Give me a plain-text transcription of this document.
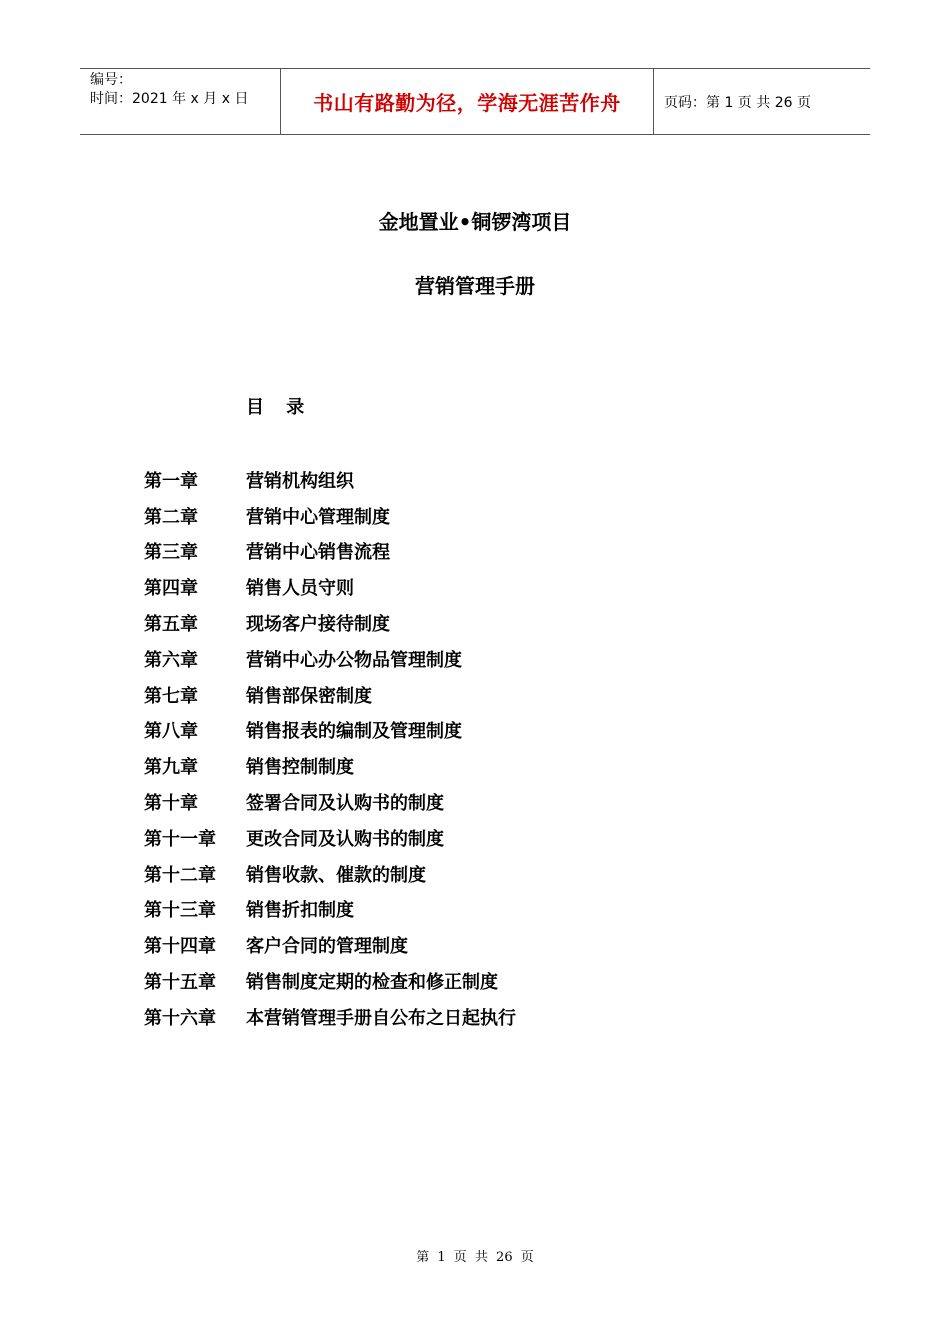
编号：
时间：2021 年 x 月 x 日	书山有路勤为径，学海无涯苦作舟	页码：第 1 页 共 26 页
金地置业•铜锣湾项目
营销管理手册
目 录
第一章	营销机构组织
第二章	营销中心管理制度
第三章	营销中心销售流程
第四章	销售人员守则
第五章	现场客户接待制度
第六章	营销中心办公物品管理制度
第七章	销售部保密制度
第八章	销售报表的编制及管理制度
第九章	销售控制制度
第十章	签署合同及认购书的制度
第十一章	更改合同及认购书的制度
第十二章	销售收款、催款的制度
第十三章	销售折扣制度
第十四章	客户合同的管理制度
第十五章	销售制度定期的检查和修正制度
第十六章	本营销管理手册自公布之日起执行
第 1 页 共 26 页
